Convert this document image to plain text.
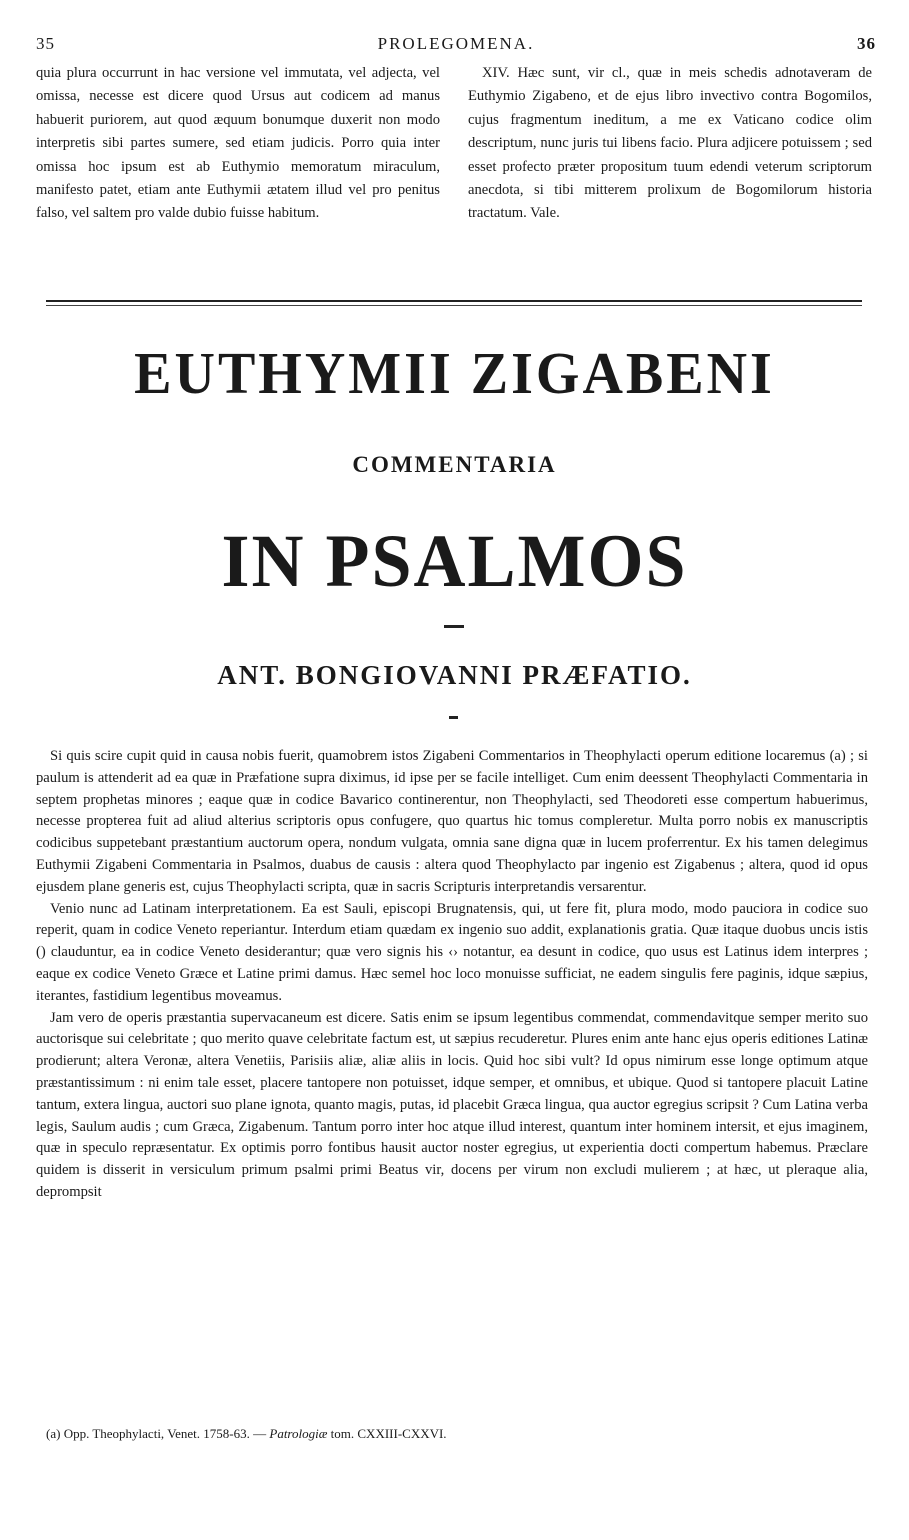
35	PROLEGOMENA.	36

quia plura occurrunt in hac versione vel immutata, vel adjecta, vel omissa, necesse est dicere quod Ursus aut codicem ad manus habuerit puriorem, aut quod æquum bonumque duxerit non modo interpretis sibi partes sumere, sed etiam judicis. Porro quia inter omissa hoc ipsum est ab Euthymio memoratum miraculum, manifesto patet, etiam ante Euthymii ætatem illud vel pro penitus falso, vel saltem pro valde dubio fuisse habitum.

XIV. Hæc sunt, vir cl., quæ in meis schedis adnotaveram de Euthymio Zigabeno, et de ejus libro invectivo contra Bogomilos, cujus fragmentum ineditum, a me ex Vaticano codice olim descriptum, nunc juris tui libens facio. Plura adjicere potuissem ; sed esset profecto præter propositum tuum edendi veterum scriptorum anecdota, si tibi mitterem prolixum de Bogomilorum historia tractatum. Vale.

EUTHYMII ZIGABENI
COMMENTARIA
IN PSALMOS
ANT. BONGIOVANNI PRÆFATIO.

Si quis scire cupit quid in causa nobis fuerit, quamobrem istos Zigabeni Commentarios in Theophylacti operum editione locaremus (a) ; si paulum is attenderit ad ea quæ in Præfatione supra diximus, id ipse per se facile intelliget. Cum enim deessent Theophylacti Commentaria in septem prophetas minores ; eaque quæ in codice Bavarico continerentur, non Theophylacti, sed Theodoreti esse compertum habuerimus, necesse propterea fuit ad aliud alterius scriptoris opus confugere, quo quartus hic tomus compleretur. Multa porro nobis ex manuscriptis codicibus suppetebant præstantium auctorum opera, nondum vulgata, omnia sane digna quæ in lucem proferrentur. Ex his tamen delegimus Euthymii Zigabeni Commentaria in Psalmos, duabus de causis : altera quod Theophylacto par ingenio est Zigabenus ; altera, quod id opus ejusdem plane generis est, cujus Theophylacti scripta, quæ in sacris Scripturis interpretandis versarentur.

Venio nunc ad Latinam interpretationem. Ea est Sauli, episcopi Brugnatensis, qui, ut fere fit, plura modo, modo pauciora in codice suo reperit, quam in codice Veneto reperiantur. Interdum etiam quædam ex ingenio suo addit, explanationis gratia. Quæ itaque duobus uncis istis () clauduntur, ea in codice Veneto desiderantur; quæ vero signis his ‹› notantur, ea desunt in codice, quo usus est Latinus idem interpres ; eaque ex codice Veneto Græce et Latine primi damus. Hæc semel hoc loco monuisse sufficiat, ne eadem singulis fere paginis, idque sæpius, iterantes, fastidium legentibus moveamus.

Jam vero de operis præstantia supervacaneum est dicere. Satis enim se ipsum legentibus commendat, commendavitque semper merito suo auctorisque sui celebritate ; quo merito quave celebritate factum est, ut sæpius recuderetur. Plures enim ante hanc ejus operis editiones Latinæ prodierunt; altera Veronæ, altera Venetiis, Parisiis aliæ, aliæ aliis in locis. Quid hoc sibi vult? Id opus nimirum esse longe optimum atque præstantissimum : ni enim tale esset, placere tantopere non potuisset, idque semper, et omnibus, et ubique. Quod si tantopere placuit Latine tantum, extera lingua, auctori suo plane ignota, quanto magis, putas, id placebit Græca lingua, qua auctor egregius scripsit ? Cum Latina verba legis, Saulum audis ; cum Græca, Zigabenum. Tantum porro inter hoc atque illud interest, quantum inter hominem intersit, et ejus imaginem, quæ in speculo repræsentatur. Ex optimis porro fontibus hausit auctor noster egregius, ut experientia docti compertum habemus. Præclare quidem is disserit in versiculum primum psalmi primi Beatus vir, docens per virum non excludi mulierem ; at hæc, ut pleraque alia, deprompsit

(a) Opp. Theophylacti, Venet. 1758-63. — Patrologiæ tom. CXXIII-CXXVI.
